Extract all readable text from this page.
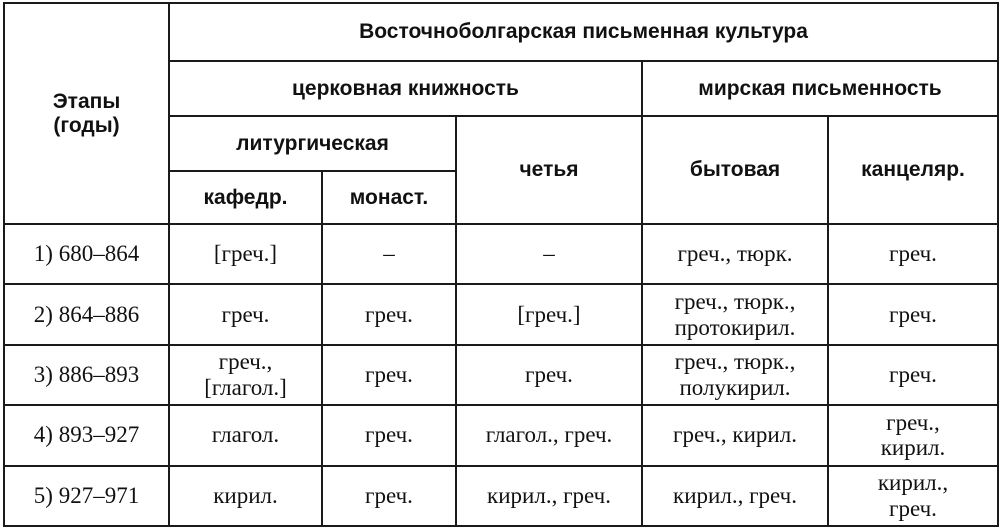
Этапы
(годы)	Восточноболгарская письменная культура				
	церковная книжность			мирская письменность	
	литургическая		четья	бытовая	канцеляр.
	кафедр.	монаст.			

1) 680–864	[греч.]	–	–	греч., тюрк.	греч.

2) 864–886	греч.	греч.	[греч.]	греч., тюрк.,
протокирил.	греч.

3) 886–893	греч.,
[глагол.]	греч.	греч.	греч., тюрк.,
полукирил.	греч.

4) 893–927	глагол.	греч.	глагол., греч.	греч., кирил.	греч.,
кирил.

5) 927–971	кирил.	греч.	кирил., греч.	кирил., греч.	кирил.,
греч.
